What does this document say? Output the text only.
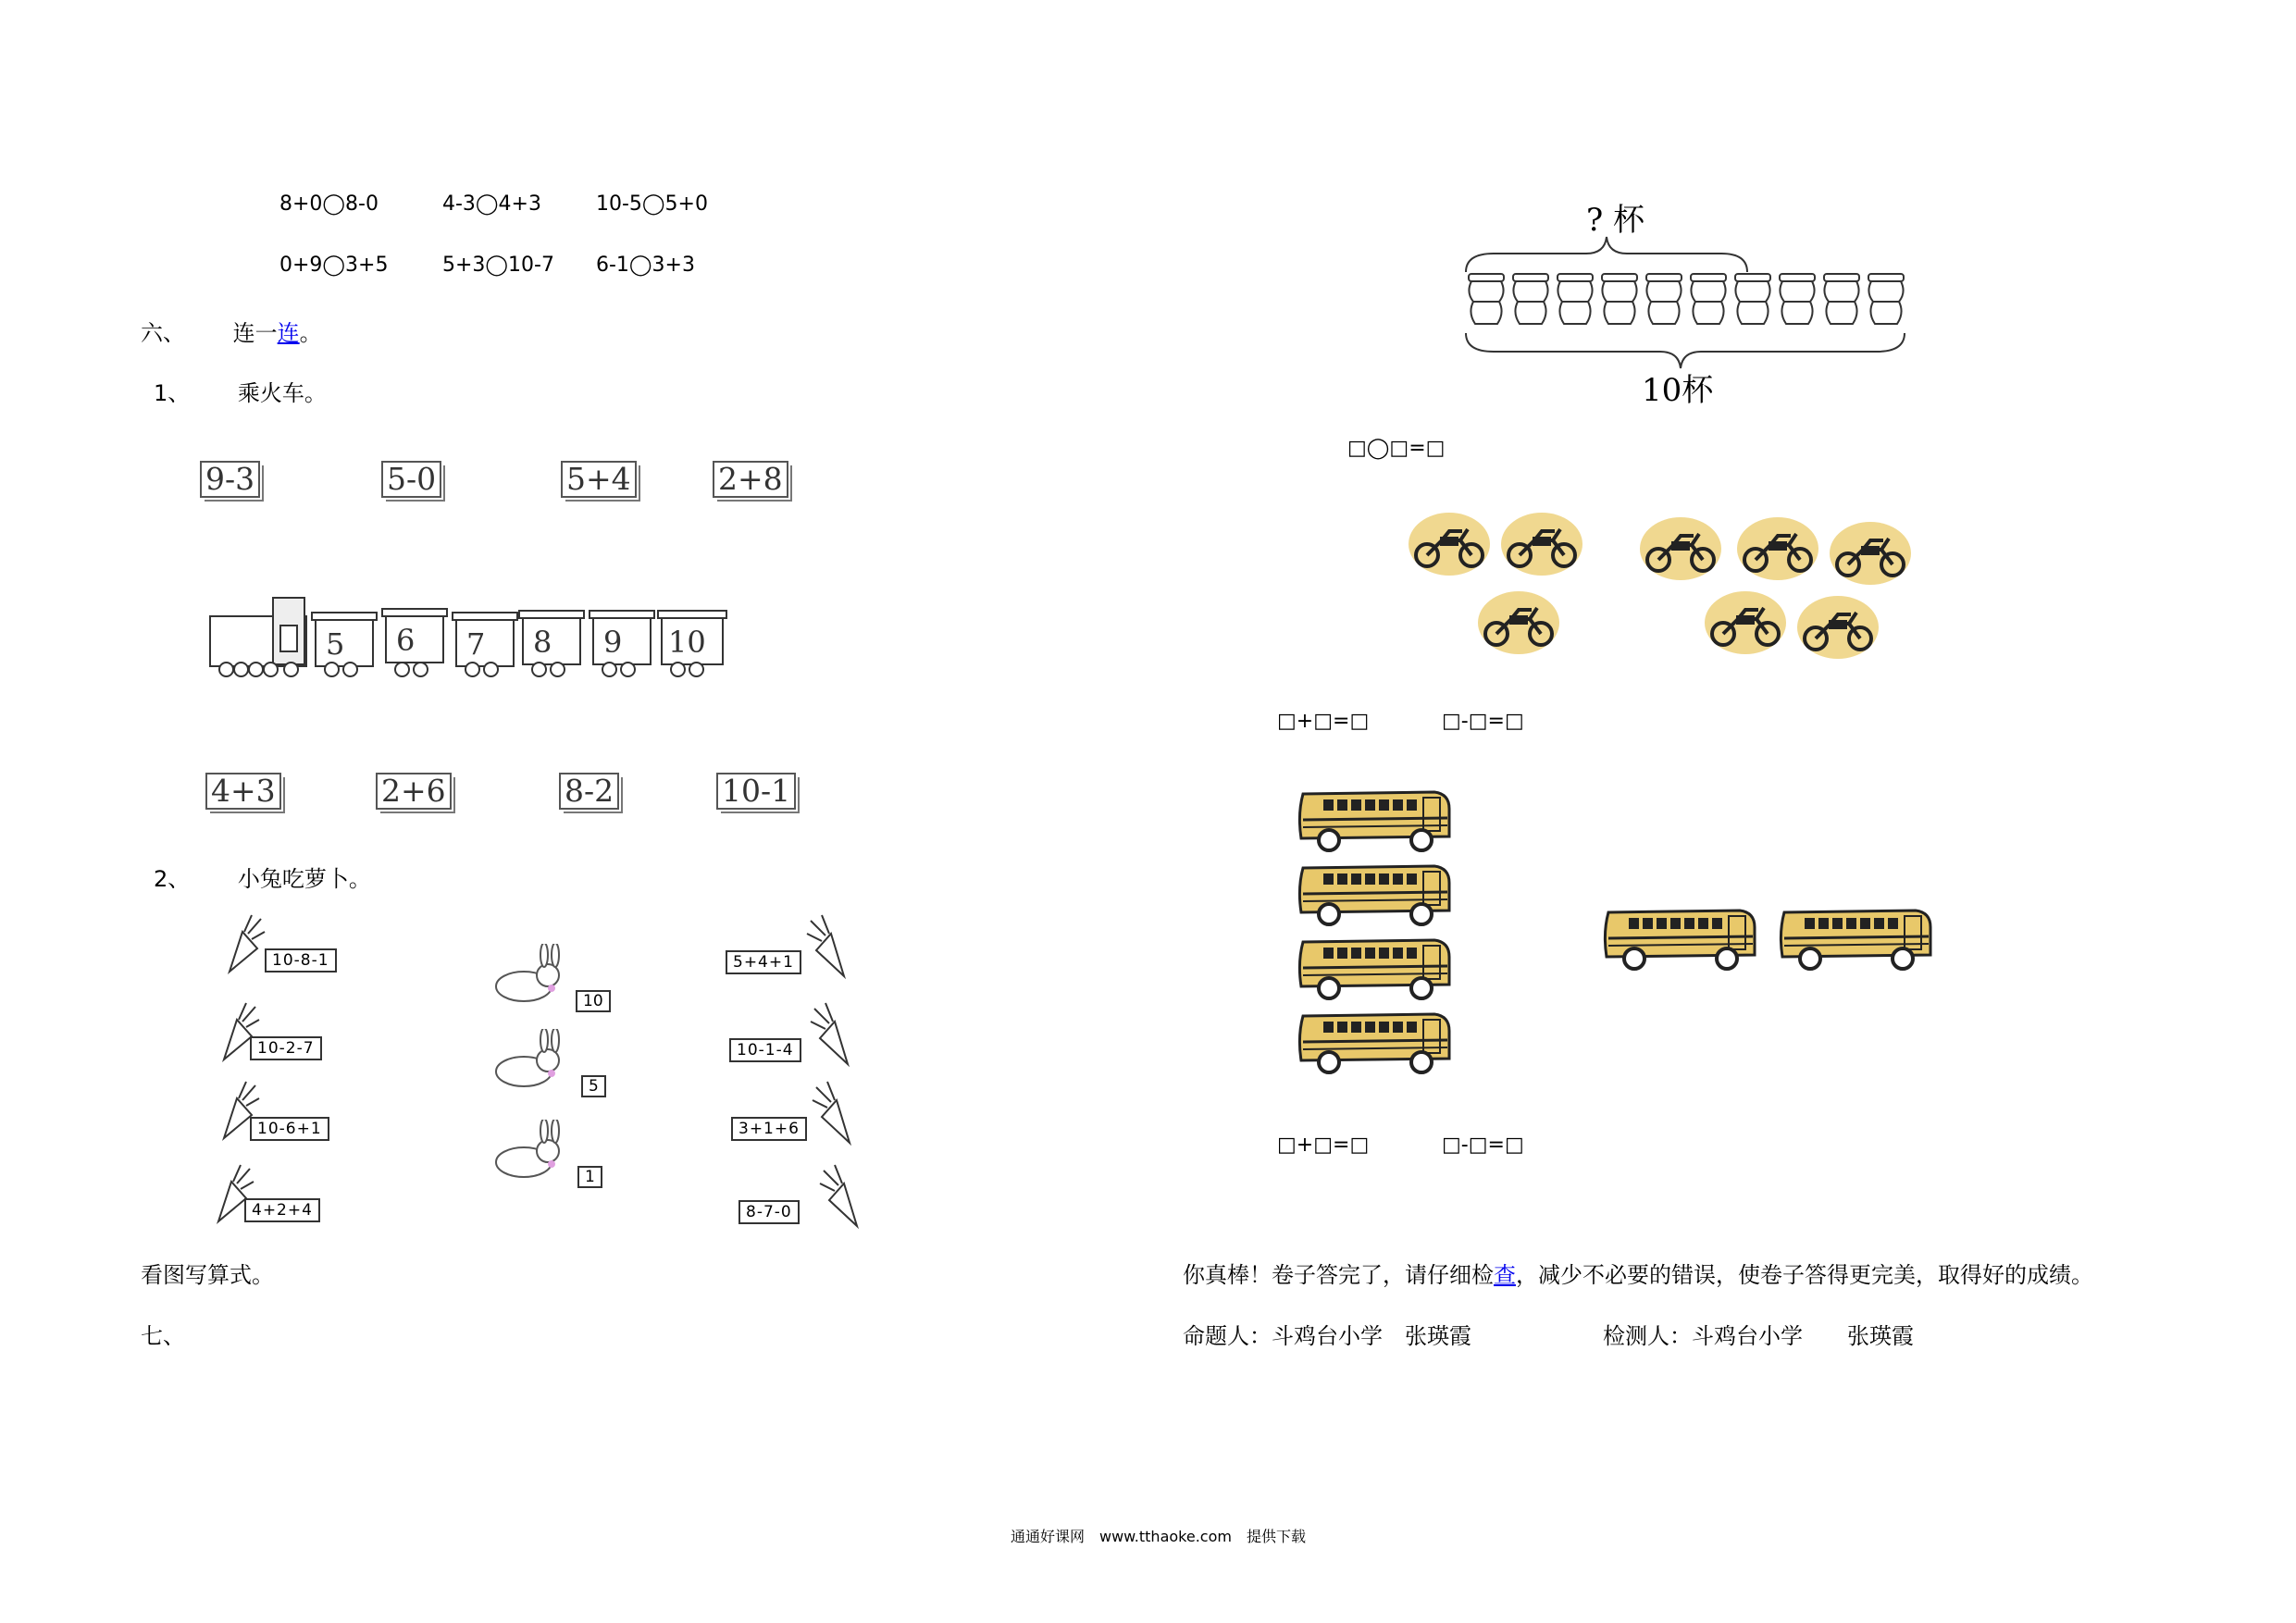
8+0◯8-0	4-3◯4+3	10-5◯5+0
0+9◯3+5	5+3◯10-7 6-1◯3+3
六、 连一连。
1、 乘火车。
9-3	5-0	5+4	2+8
5 6 7 8 9 10
4+3	2+6	8-2	10-1
2、 小兔吃萝卜。
10-8-1
10-2-7
10-6+1
4+2+4
10
5
1
5+4+1
10-1-4
3+1+6
8-7-0
看图写算式。
七、
? 杯
10杯
□◯□=□
□+□=□	□-□=□
□+□=□	□-□=□
你真棒！卷子答完了，请仔细检查，减少不必要的错误，使卷子答得更完美，取得好的成绩。
命题人：斗鸡台小学　张瑛霞	检测人：斗鸡台小学　　张瑛霞
通通好课网　www.tthaoke.com　提供下载
